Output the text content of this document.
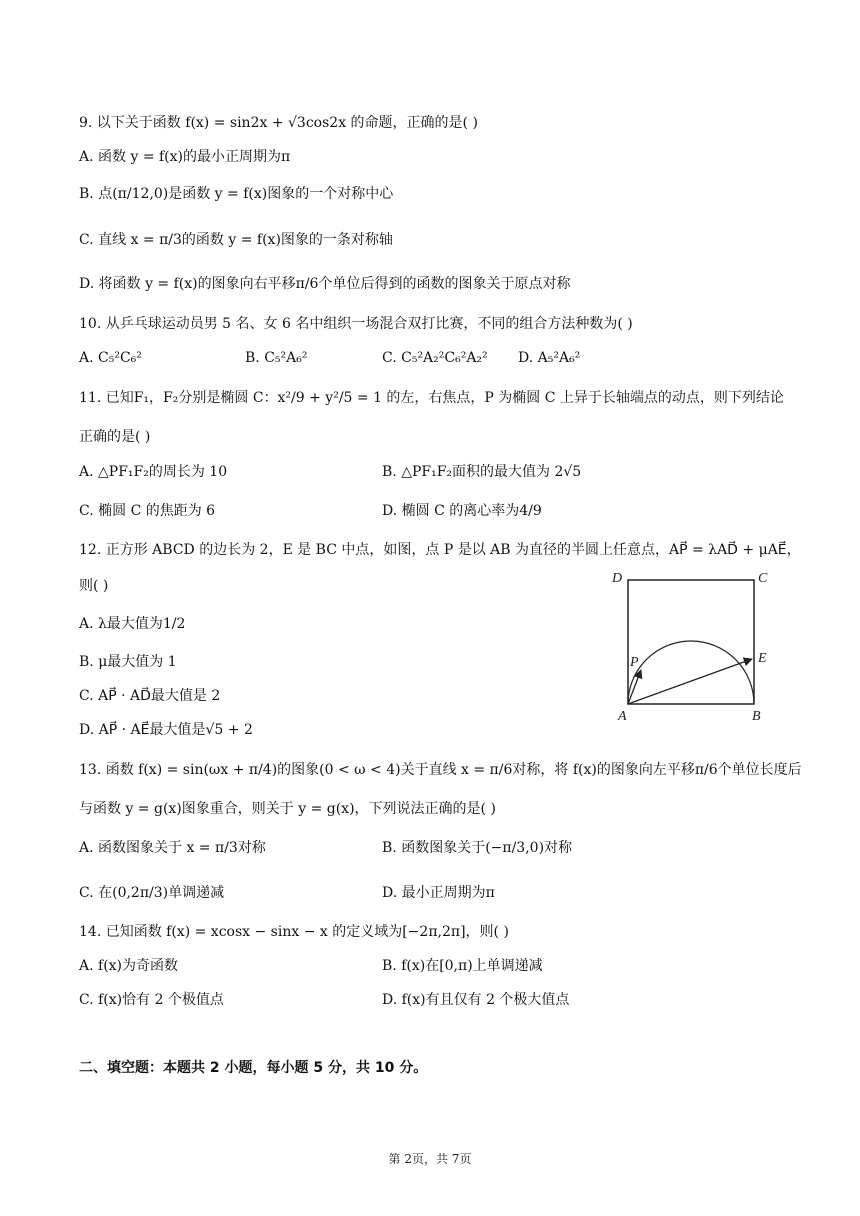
9. 以下关于函数 f(x) = sin2x + √3cos2x 的命题，正确的是( )
A. 函数 y = f(x)的最小正周期为π
B. 点(π/12,0)是函数 y = f(x)图象的一个对称中心
C. 直线 x = π/3的函数 y = f(x)图象的一条对称轴
D. 将函数 y = f(x)的图象向右平移π/6个单位后得到的函数的图象关于原点对称
10. 从乒乓球运动员男 5 名、女 6 名中组织一场混合双打比赛，不同的组合方法种数为( )
A. C₅²C₆²	B. C₅²A₆²	C. C₅²A₂²C₆²A₂² D. A₅²A₆²
11. 已知F₁，F₂分别是椭圆 C：x²/9 + y²/5 = 1 的左，右焦点，P 为椭圆 C 上异于长轴端点的动点，则下列结论
正确的是( )
A. △PF₁F₂的周长为 10	B. △PF₁F₂面积的最大值为 2√5
C. 椭圆 C 的焦距为 6	D. 椭圆 C 的离心率为4/9
12. 正方形 ABCD 的边长为 2，E 是 BC 中点，如图，点 P 是以 AB 为直径的半圆上任意点，AP⃗ = λAD⃗ + μAE⃗，
则( )
A. λ最大值为1/2
B. μ最大值为 1
C. AP⃗ · AD⃗最大值是 2
D. AP⃗ · AE⃗最大值是√5 + 2
D	C
A	B
E
P
13. 函数 f(x) = sin(ωx + π/4)的图象(0 < ω < 4)关于直线 x = π/6对称，将 f(x)的图象向左平移π/6个单位长度后
与函数 y = g(x)图象重合，则关于 y = g(x)，下列说法正确的是( )
A. 函数图象关于 x = π/3对称	B. 函数图象关于(−π/3,0)对称
C. 在(0,2π/3)单调递减	D. 最小正周期为π
14. 已知函数 f(x) = xcosx − sinx − x 的定义域为[−2π,2π]，则( )
A. f(x)为奇函数	B. f(x)在[0,π)上单调递减
C. f(x)恰有 2 个极值点	D. f(x)有且仅有 2 个极大值点
二、填空题：本题共 2 小题，每小题 5 分，共 10 分。
第 2页，共 7页
